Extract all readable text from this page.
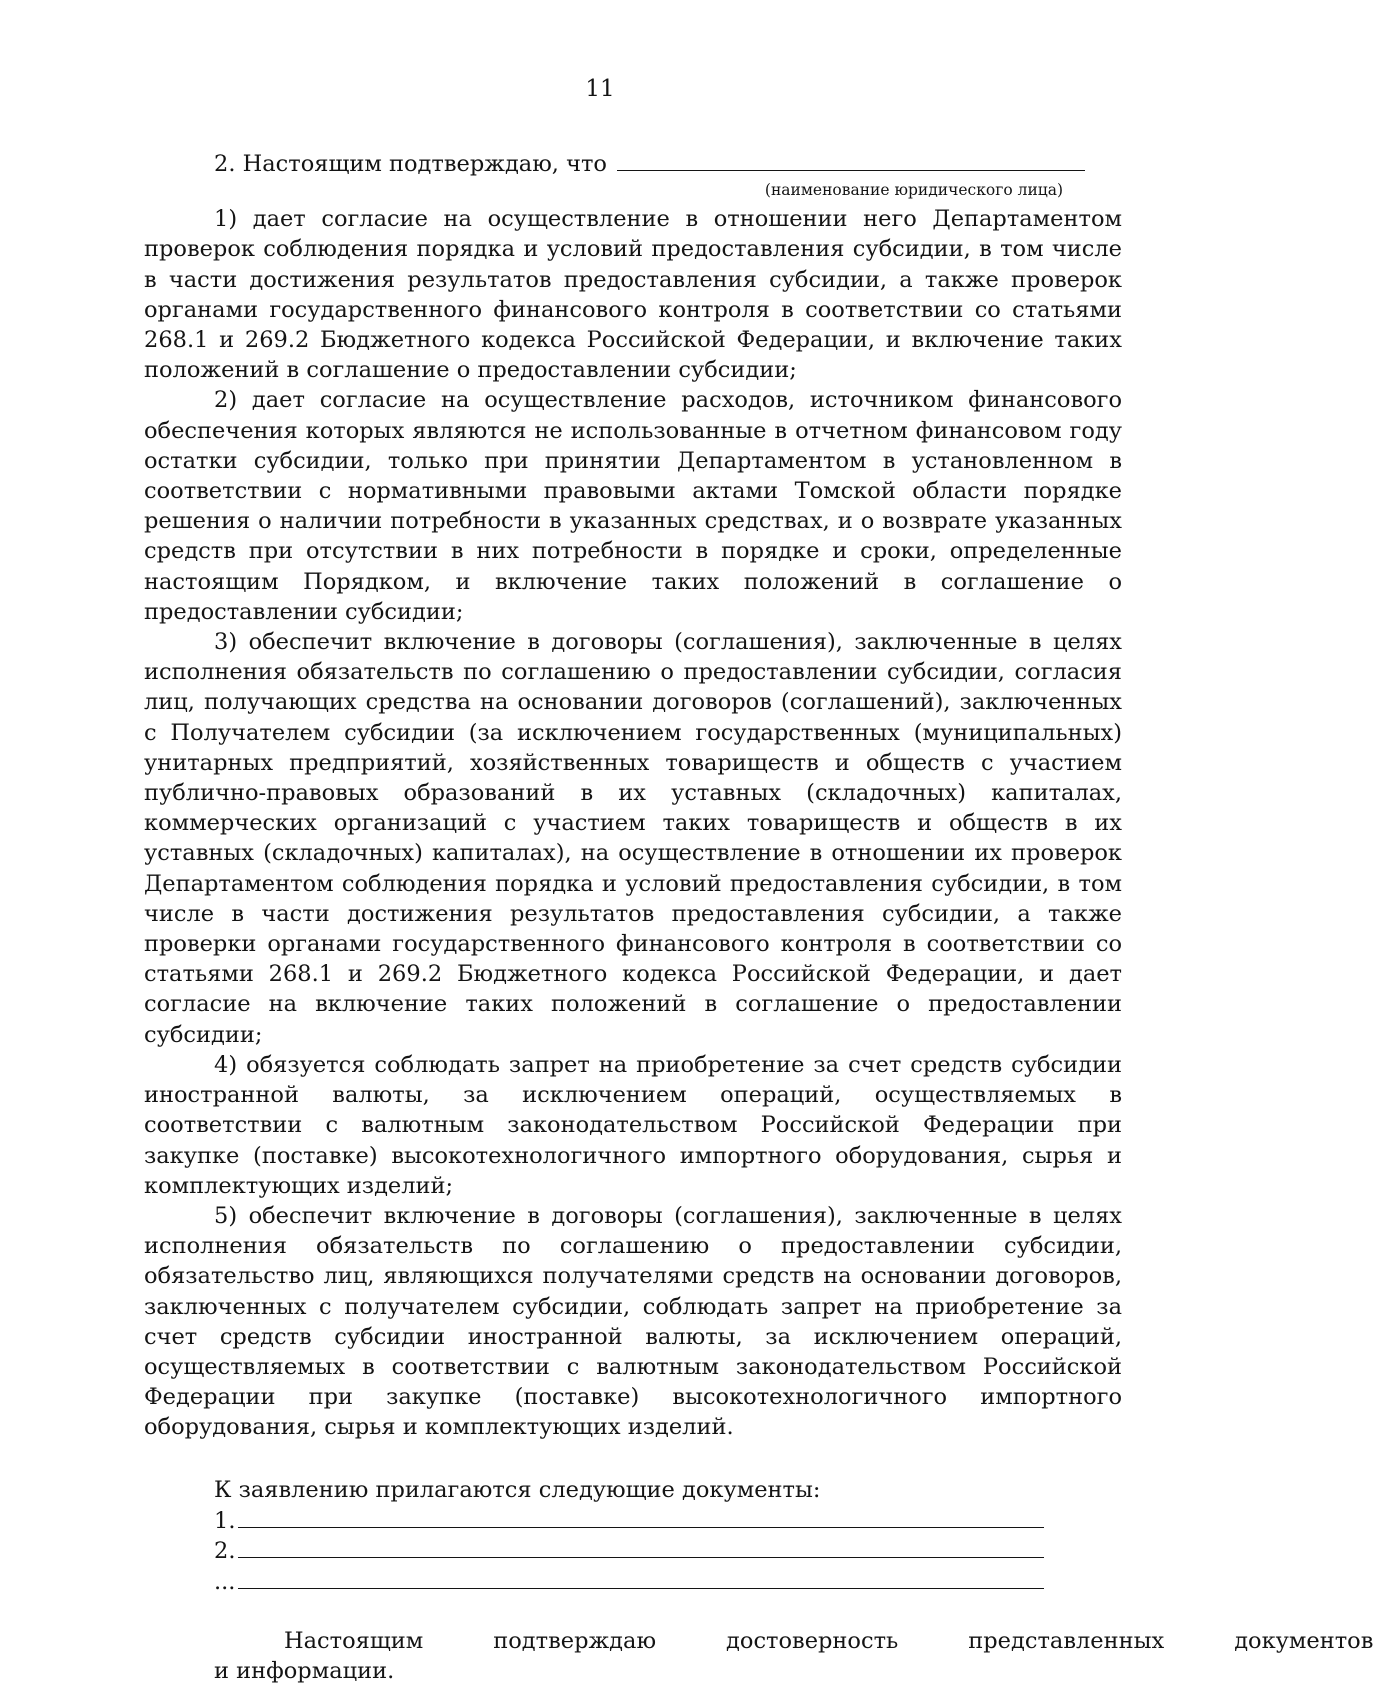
11
2. Настоящим подтверждаю, что
(наименование юридического лица)

1) дает согласие на осуществление в отношении него Департаментом проверок соблюдения порядка и условий предоставления субсидии, в том числе в части достижения результатов предоставления субсидии, а также проверок органами государственного финансового контроля в соответствии со статьями 268.1 и 269.2 Бюджетного кодекса Российской Федерации, и включение таких положений в соглашение о предоставлении субсидии;

2) дает согласие на осуществление расходов, источником финансового обеспечения которых являются не использованные в отчетном финансовом году остатки субсидии, только при принятии Департаментом в установленном в соответствии с нормативными правовыми актами Томской области порядке решения о наличии потребности в указанных средствах, и о возврате указанных средств при отсутствии в них потребности в порядке и сроки, определенные настоящим Порядком, и включение таких положений в соглашение о предоставлении субсидии;

3) обеспечит включение в договоры (соглашения), заключенные в целях исполнения обязательств по соглашению о предоставлении субсидии, согласия лиц, получающих средства на основании договоров (соглашений), заключенных с Получателем субсидии (за исключением государственных (муниципальных) унитарных предприятий, хозяйственных товариществ и обществ с участием публично-правовых образований в их уставных (складочных) капиталах, коммерческих организаций с участием таких товариществ и обществ в их уставных (складочных) капиталах), на осуществление в отношении их проверок Департаментом соблюдения порядка и условий предоставления субсидии, в том числе в части достижения результатов предоставления субсидии, а также проверки органами государственного финансового контроля в соответствии со статьями 268.1 и 269.2 Бюджетного кодекса Российской Федерации, и дает согласие на включение таких положений в соглашение о предоставлении субсидии;

4) обязуется соблюдать запрет на приобретение за счет средств субсидии иностранной валюты, за исключением операций, осуществляемых в соответствии с валютным законодательством Российской Федерации при закупке (поставке) высокотехнологичного импортного оборудования, сырья и комплектующих изделий;

5) обеспечит включение в договоры (соглашения), заключенные в целях исполнения обязательств по соглашению о предоставлении субсидии, обязательство лиц, являющихся получателями средств на основании договоров, заключенных с получателем субсидии, соблюдать запрет на приобретение за счет средств субсидии иностранной валюты, за исключением операций, осуществляемых в соответствии с валютным законодательством Российской Федерации при закупке (поставке) высокотехнологичного импортного оборудования, сырья и комплектующих изделий.

К заявлению прилагаются следующие документы:
1.
2.
...
Настоящим	подтверждаю	достоверность	представленных	документов
и информации.
